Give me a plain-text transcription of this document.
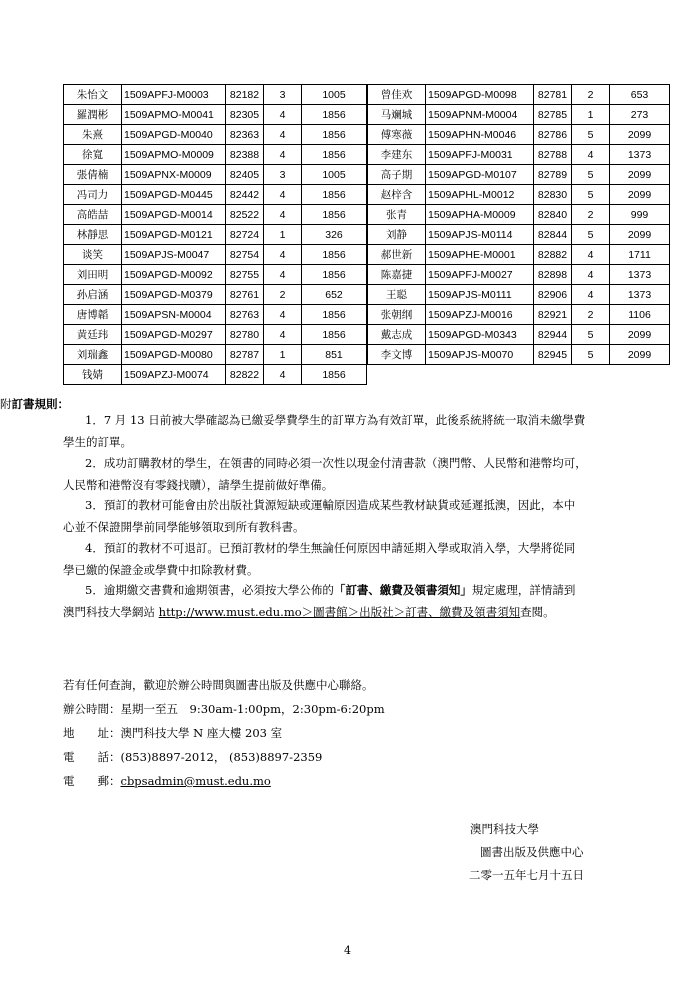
朱怡文	1509APFJ-M0003	82182	3	1005
羅潤彬	1509APMO-M0041	82305	4	1856
朱熹	1509APGD-M0040	82363	4	1856
徐寬	1509APMO-M0009	82388	4	1856
張倩楠	1509APNX-M0009	82405	3	1005
冯司力	1509APGD-M0445	82442	4	1856
高皓喆	1509APGD-M0014	82522	4	1856
林靜思	1509APGD-M0121	82724	1	326
谈笑	1509APJS-M0047	82754	4	1856
刘田明	1509APGD-M0092	82755	4	1856
孙启涵	1509APGD-M0379	82761	2	652
唐博韜	1509APSN-M0004	82763	4	1856
黄廷玮	1509APGD-M0297	82780	4	1856
刘瑞鑫	1509APGD-M0080	82787	1	851
钱婧	1509APZJ-M0074	82822	4	1856
曾佳欢	1509APGD-M0098	82781	2	653
马斓城	1509APNM-M0004	82785	1	273
傅寒薇	1509APHN-M0046	82786	5	2099
李建东	1509APFJ-M0031	82788	4	1373
高子期	1509APGD-M0107	82789	5	2099
赵梓含	1509APHL-M0012	82830	5	2099
张青	1509APHA-M0009	82840	2	999
刘静	1509APJS-M0114	82844	5	2099
郝世新	1509APHE-M0001	82882	4	1711
陈嘉捷	1509APFJ-M0027	82898	4	1373
王聪	1509APJS-M0111	82906	4	1373
张朝纲	1509APZJ-M0016	82921	2	1106
戴志成	1509APGD-M0343	82944	5	2099
李文博	1509APJS-M0070	82945	5	2099
附訂書規則：
1．7 月 13 日前被大學確認為已繳妥學費學生的訂單方為有效訂單，此後系統將統一取消未繳學費
學生的訂單。
2．成功訂購教材的學生，在領書的同時必須一次性以現金付清書款（澳門幣、人民幣和港幣均可，
人民幣和港幣沒有零錢找贖），請學生提前做好準備。
3．預訂的教材可能會由於出版社貨源短缺或運輸原因造成某些教材缺貨或延遲抵澳，因此，本中
心並不保證開學前同學能够領取到所有教科書。
4．預訂的教材不可退訂。已預訂教材的學生無論任何原因申請延期入學或取消入學，大學將從同
學已繳的保證金或學費中扣除教材費。
5．逾期繳交書費和逾期領書，必須按大學公佈的「訂書、繳費及領書須知」規定處理，詳情請到
澳門科技大學網站 http://www.must.edu.mo＞圖書館＞出版社＞訂書、繳費及領書須知查閱。
若有任何查詢，歡迎於辦公時間與圖書出版及供應中心聯絡。
辦公時間：星期一至五　9:30am-1:00pm，2:30pm-6:20pm
地　　址：澳門科技大學 N 座大樓 203 室
電　　話：(853)8897-2012， (853)8897-2359
電　　郵：cbpsadmin@must.edu.mo
澳門科技大學
圖書出版及供應中心
二零一五年七月十五日
4
